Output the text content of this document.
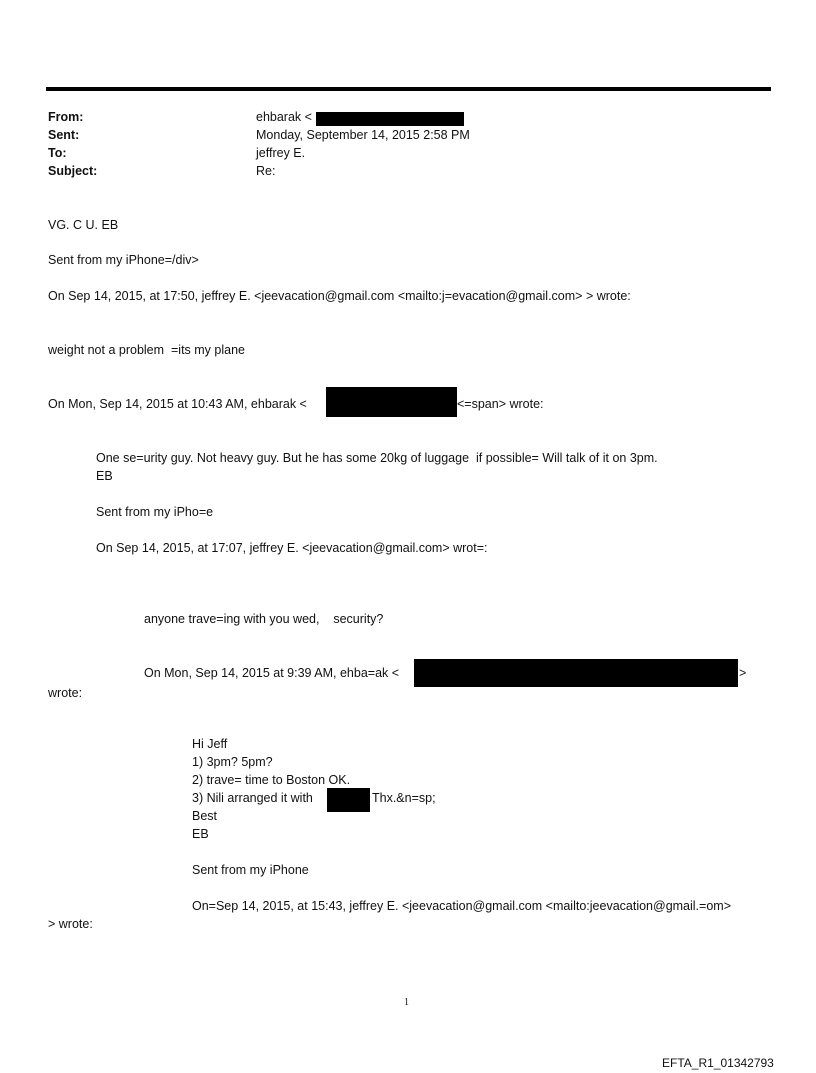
From:	ehbarak <
Sent:	Monday, September 14, 2015 2:58 PM
To:	jeffrey E.
Subject:	Re:
VG. C U. EB
Sent from my iPhone=/div>
On Sep 14, 2015, at 17:50, jeffrey E. <jeevacation@gmail.com <mailto:j=evacation@gmail.com> > wrote:
weight not a problem  =its my plane
On Mon, Sep 14, 2015 at 10:43 AM, ehbarak <	<=span> wrote:
One se=urity guy. Not heavy guy. But he has some 20kg of luggage  if possible= Will talk of it on 3pm.
EB
Sent from my iPho=e
On Sep 14, 2015, at 17:07, jeffrey E. <jeevacation@gmail.com> wrot=:
anyone trave=ing with you wed,    security?
On Mon, Sep 14, 2015 at 9:39 AM, ehba=ak <	>
wrote:
Hi Jeff
1) 3pm? 5pm?
2) trave= time to Boston OK.
3) Nili arranged it with	Thx.&n=sp;
Best
EB
Sent from my iPhone
On=Sep 14, 2015, at 15:43, jeffrey E. <jeevacation@gmail.com <mailto:jeevacation@gmail.=om>
> wrote:
1
EFTA_R1_01342793
